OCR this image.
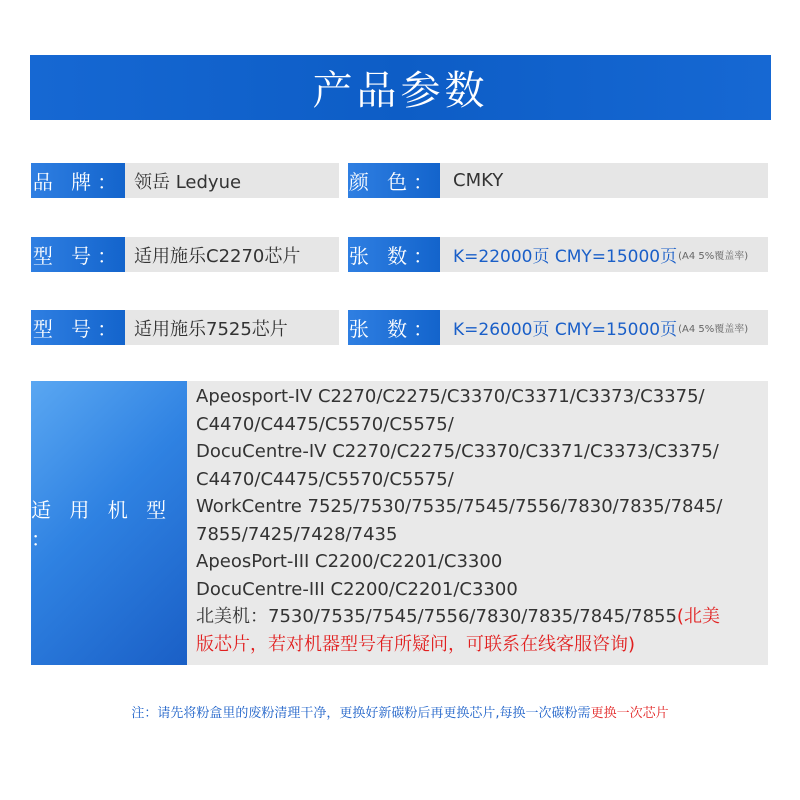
产品参数
品 牌： 领岳 Ledyue	颜 色： CMKY
型 号： 适用施乐C2270芯片	张 数： K=22000页 CMY=15000页 (A4 5%覆盖率)
型 号： 适用施乐7525芯片	张 数： K=26000页 CMY=15000页 (A4 5%覆盖率)
适 用 机 型 ：
Apeosport-IV C2270/C2275/C3370/C3371/C3373/C3375/
C4470/C4475/C5570/C5575/
DocuCentre-IV C2270/C2275/C3370/C3371/C3373/C3375/
C4470/C4475/C5570/C5575/
WorkCentre 7525/7530/7535/7545/7556/7830/7835/7845/
7855/7425/7428/7435
ApeosPort-III C2200/C2201/C3300
DocuCentre-III C2200/C2201/C3300
北美机：7530/7535/7545/7556/7830/7835/7845/7855(北美
版芯片，若对机器型号有所疑问，可联系在线客服咨询)
注：请先将粉盒里的废粉清理干净，更换好新碳粉后再更换芯片,每换一次碳粉需更换一次芯片
